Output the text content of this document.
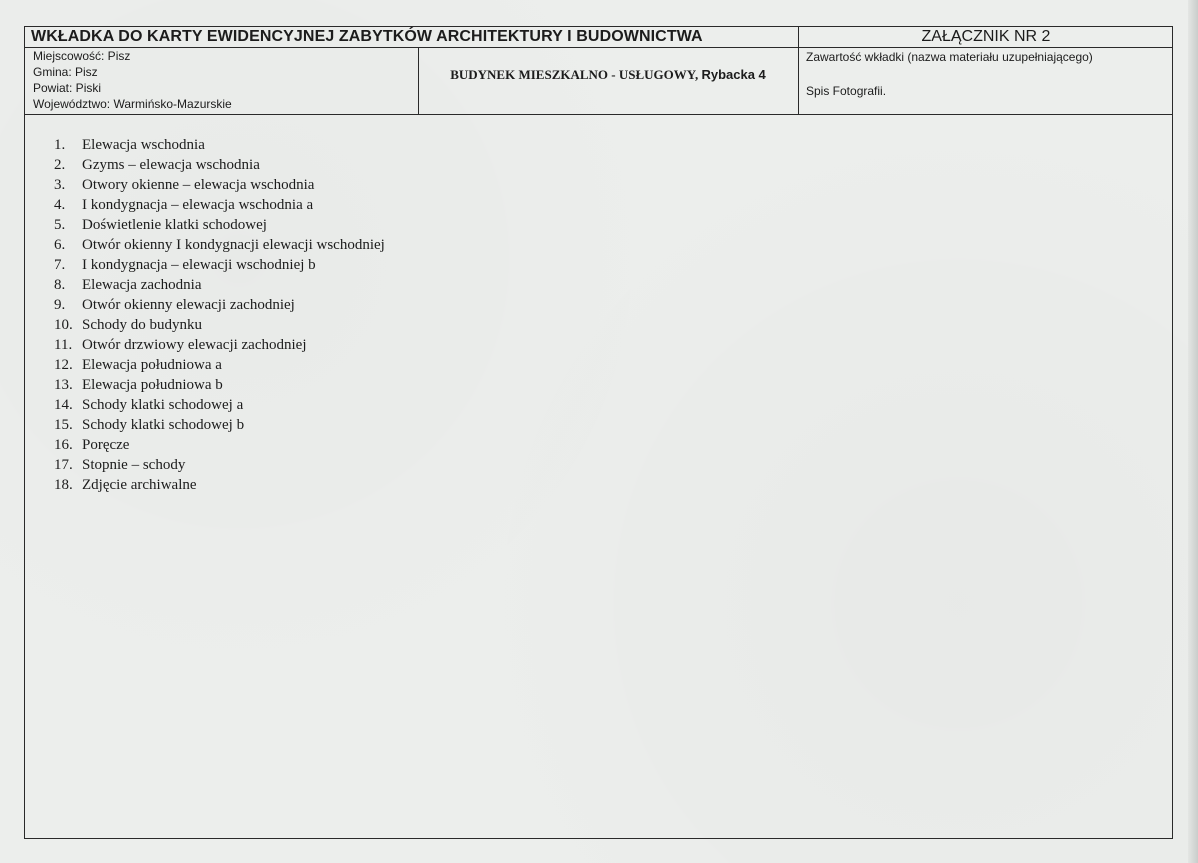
WKŁADKA DO KARTY EWIDENCYJNEJ ZABYTKÓW ARCHITEKTURY I BUDOWNICTWA	ZAŁĄCZNIK NR 2
Miejscowość: Pisz
Gmina: Pisz
Powiat: Piski
Województwo: Warmińsko-Mazurskie
BUDYNEK MIESZKALNO - USŁUGOWY, Rybacka 4
Zawartość wkładki (nazwa materiału uzupełniającego)
Spis Fotografii.
1. Elewacja wschodnia
2. Gzyms – elewacja wschodnia
3. Otwory okienne – elewacja wschodnia
4. I kondygnacja – elewacja wschodnia a
5. Doświetlenie klatki schodowej
6. Otwór okienny I kondygnacji elewacji wschodniej
7. I kondygnacja – elewacji wschodniej b
8. Elewacja zachodnia
9. Otwór okienny elewacji zachodniej
10. Schody do budynku
11. Otwór drzwiowy elewacji zachodniej
12. Elewacja południowa a
13. Elewacja południowa b
14. Schody klatki schodowej a
15. Schody klatki schodowej b
16. Poręcze
17. Stopnie – schody
18. Zdjęcie archiwalne
